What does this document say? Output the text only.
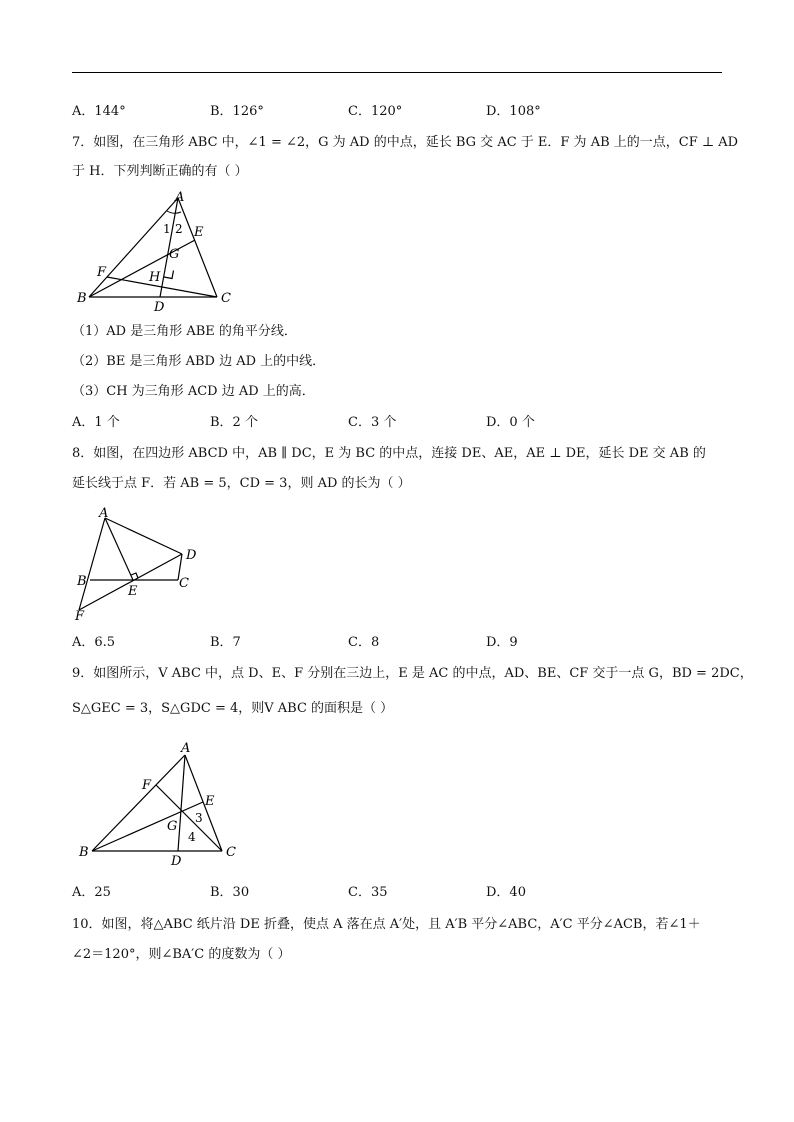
A．144°	B．126°	C．120°	D．108°
7．如图，在三角形 ABC 中，∠1 = ∠2，G 为 AD 的中点，延长 BG 交 AC 于 E．F 为 AB 上的一点，CF ⊥ AD
于 H．下列判断正确的有（ ）
A
B	C
D
E
F
G
H
1 2
（1）AD 是三角形 ABE 的角平分线．
（2）BE 是三角形 ABD 边 AD 上的中线．
（3）CH 为三角形 ACD 边 AD 上的高．
A．1 个	B．2 个	C．3 个	D．0 个
8．如图，在四边形 ABCD 中，AB ∥ DC，E 为 BC 的中点，连接 DE、AE，AE ⊥ DE，延长 DE 交 AB 的
延长线于点 F．若 AB = 5，CD = 3，则 AD 的长为（ ）
A
B	C
D
E
F
A．6.5	B．7	C．8	D．9
9．如图所示，V ABC 中，点 D、E、F 分别在三边上，E 是 AC 的中点，AD、BE、CF 交于一点 G，BD = 2DC，
S△GEC = 3，S△GDC = 4，则V ABC 的面积是（ ）
A
B	C
D
E
F
G
3
4
A．25	B．30	C．35	D．40
10．如图，将△ABC 纸片沿 DE 折叠，使点 A 落在点 A′处，且 A′B 平分∠ABC，A′C 平分∠ACB，若∠1＋
∠2＝120°，则∠BA′C 的度数为（ ）
